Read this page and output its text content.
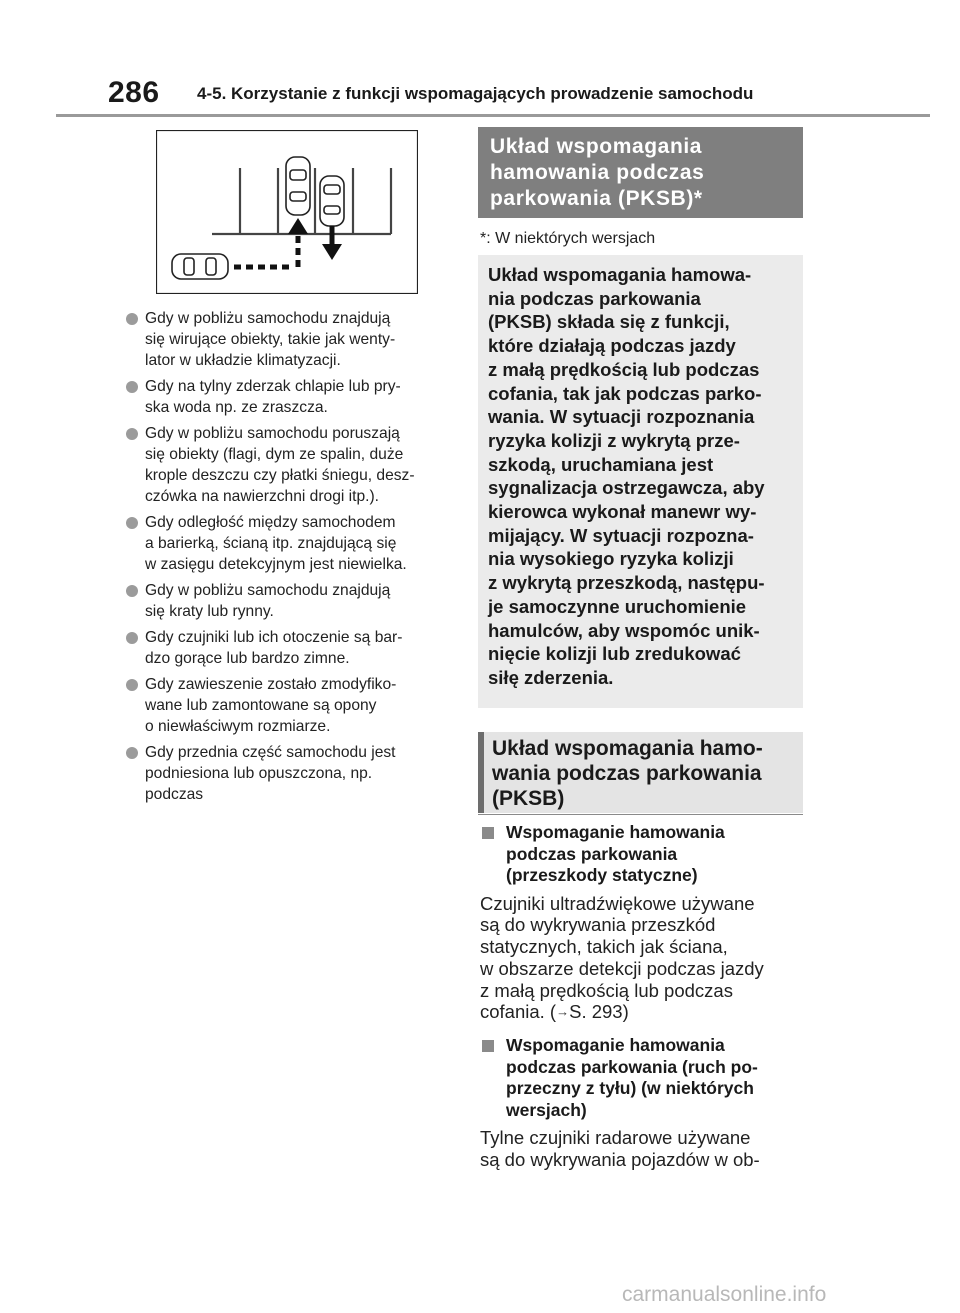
286 4-5. Korzystanie z funkcji wspomagających prowadzenie samochodu
Gdy w pobliżu samochodu znajdują
się wirujące obiekty, takie jak wenty-
lator w układzie klimatyzacji.
Gdy na tylny zderzak chlapie lub pry-
ska woda np. ze zraszcza.
Gdy w pobliżu samochodu poruszają
się obiekty (flagi, dym ze spalin, duże
krople deszczu czy płatki śniegu, desz-
czówka na nawierzchni drogi itp.).
Gdy odległość między samochodem
a barierką, ścianą itp. znajdującą się
w zasięgu detekcyjnym jest niewielka.
Gdy w pobliżu samochodu znajdują
się kraty lub rynny.
Gdy czujniki lub ich otoczenie są bar-
dzo gorące lub bardzo zimne.
Gdy zawieszenie zostało zmodyfiko-
wane lub zamontowane są opony
o niewłaściwym rozmiarze.
Gdy przednia część samochodu jest
podniesiona lub opuszczona, np.
podczas
Układ wspomagania
hamowania podczas
parkowania (PKSB)*
*: W niektórych wersjach
Układ wspomagania hamowa-
nia podczas parkowania
(PKSB) składa się z funkcji,
które działają podczas jazdy
z małą prędkością lub podczas
cofania, tak jak podczas parko-
wania. W sytuacji rozpoznania
ryzyka kolizji z wykrytą prze-
szkodą, uruchamiana jest
sygnalizacja ostrzegawcza, aby
kierowca wykonał manewr wy-
mijający. W sytuacji rozpozna-
nia wysokiego ryzyka kolizji
z wykrytą przeszkodą, następu-
je samoczynne uruchomienie
hamulców, aby wspomóc unik-
nięcie kolizji lub zredukować
siłę zderzenia.
Układ wspomagania hamo-
wania podczas parkowania
(PKSB)
Wspomaganie hamowania
podczas parkowania
(przeszkody statyczne)
Czujniki ultradźwiękowe używane
są do wykrywania przeszkód
statycznych, takich jak ściana,
w obszarze detekcji podczas jazdy
z małą prędkością lub podczas
cofania. (→S. 293)
Wspomaganie hamowania
podczas parkowania (ruch po-
przeczny z tyłu) (w niektórych
wersjach)
Tylne czujniki radarowe używane
są do wykrywania pojazdów w ob-
carmanualsonline.info
